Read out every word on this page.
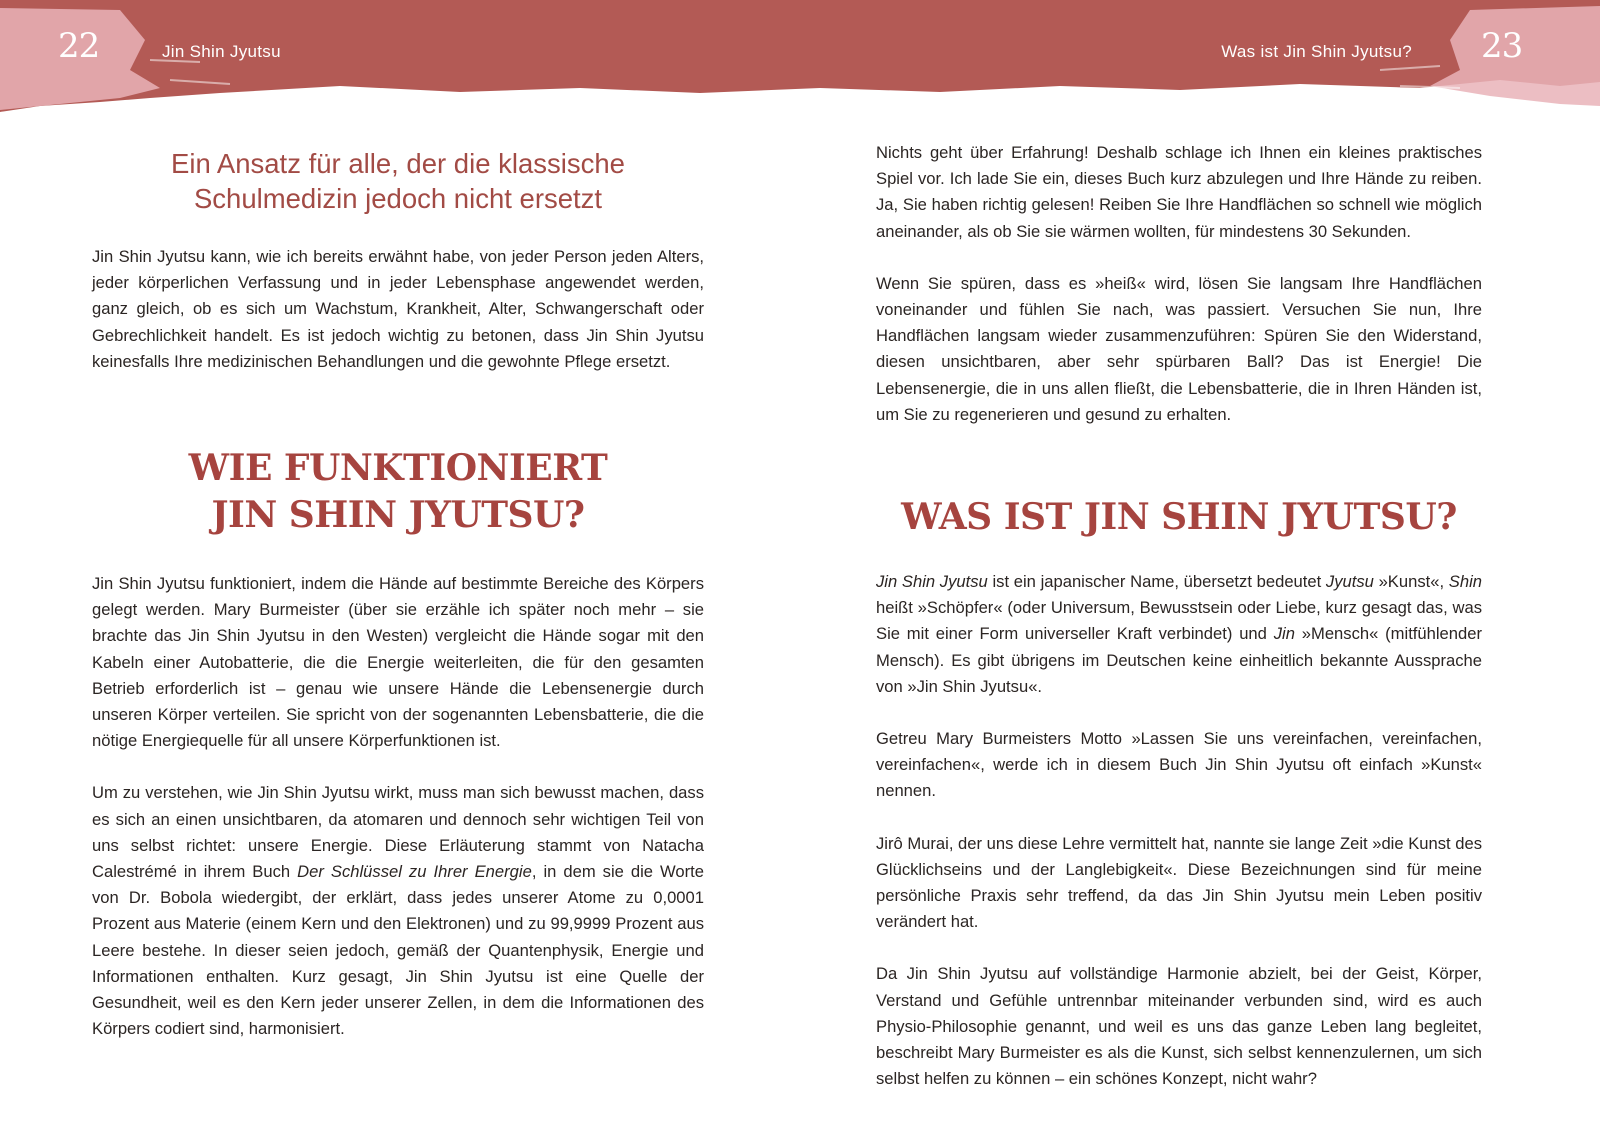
22	Jin Shin Jyutsu	Was ist Jin Shin Jyutsu? 23
Ein Ansatz für alle, der die klassische
Schulmedizin jedoch nicht ersetzt

Jin Shin Jyutsu kann, wie ich bereits erwähnt habe, von jeder Person jeden Alters, jeder körperlichen Verfassung und in jeder Lebensphase angewendet werden, ganz gleich, ob es sich um Wachstum, Krankheit, Alter, Schwangerschaft oder Gebrechlichkeit handelt. Es ist jedoch wichtig zu betonen, dass Jin Shin Jyutsu keinesfalls Ihre medizinischen Behandlungen und die gewohnte Pflege ersetzt.

WIE FUNKTIONIERT
JIN SHIN JYUTSU?

Jin Shin Jyutsu funktioniert, indem die Hände auf bestimmte Bereiche des Körpers gelegt werden. Mary Burmeister (über sie erzähle ich später noch mehr – sie brachte das Jin Shin Jyutsu in den Westen) vergleicht die Hände sogar mit den Kabeln einer Autobatterie, die die Energie weiterleiten, die für den gesamten Betrieb erforderlich ist – genau wie unsere Hände die Lebensenergie durch unseren Körper verteilen. Sie spricht von der sogenannten Lebensbatterie, die die nötige Energiequelle für all unsere Körperfunktionen ist.

Um zu verstehen, wie Jin Shin Jyutsu wirkt, muss man sich bewusst machen, dass es sich an einen unsichtbaren, da atomaren und dennoch sehr wichtigen Teil von uns selbst richtet: unsere Energie. Diese Erläuterung stammt von Natacha Calestrémé in ihrem Buch Der Schlüssel zu Ihrer Energie, in dem sie die Worte von Dr. Bobola wiedergibt, der erklärt, dass jedes unserer Atome zu 0,0001 Prozent aus Materie (einem Kern und den Elektronen) und zu 99,9999 Prozent aus Leere bestehe. In dieser seien jedoch, gemäß der Quantenphysik, Energie und Informationen enthalten. Kurz gesagt, Jin Shin Jyutsu ist eine Quelle der Gesundheit, weil es den Kern jeder unserer Zellen, in dem die Informationen des Körpers codiert sind, harmonisiert.

Nichts geht über Erfahrung! Deshalb schlage ich Ihnen ein kleines praktisches Spiel vor. Ich lade Sie ein, dieses Buch kurz abzulegen und Ihre Hände zu reiben. Ja, Sie haben richtig gelesen! Reiben Sie Ihre Handflächen so schnell wie möglich aneinander, als ob Sie sie wärmen wollten, für mindestens 30 Sekunden.

Wenn Sie spüren, dass es »heiß« wird, lösen Sie langsam Ihre Handflächen voneinander und fühlen Sie nach, was passiert. Versuchen Sie nun, Ihre Handflächen langsam wieder zusammenzuführen: Spüren Sie den Widerstand, diesen unsichtbaren, aber sehr spürbaren Ball? Das ist Energie! Die Lebensenergie, die in uns allen fließt, die Lebensbatterie, die in Ihren Händen ist, um Sie zu regenerieren und gesund zu erhalten.

WAS IST JIN SHIN JYUTSU?

Jin Shin Jyutsu ist ein japanischer Name, übersetzt bedeutet Jyutsu »Kunst«, Shin heißt »Schöpfer« (oder Universum, Bewusstsein oder Liebe, kurz gesagt das, was Sie mit einer Form universeller Kraft verbindet) und Jin »Mensch« (mitfühlender Mensch). Es gibt übrigens im Deutschen keine einheitlich bekannte Aussprache von »Jin Shin Jyutsu«.

Getreu Mary Burmeisters Motto »Lassen Sie uns vereinfachen, vereinfachen, vereinfachen«, werde ich in diesem Buch Jin Shin Jyutsu oft einfach »Kunst« nennen.

Jirô Murai, der uns diese Lehre vermittelt hat, nannte sie lange Zeit »die Kunst des Glücklichseins und der Langlebigkeit«. Diese Bezeichnungen sind für meine persönliche Praxis sehr treffend, da das Jin Shin Jyutsu mein Leben positiv verändert hat.

Da Jin Shin Jyutsu auf vollständige Harmonie abzielt, bei der Geist, Körper, Verstand und Gefühle untrennbar miteinander verbunden sind, wird es auch Physio-Philosophie genannt, und weil es uns das ganze Leben lang begleitet, beschreibt Mary Burmeister es als die Kunst, sich selbst kennenzulernen, um sich selbst helfen zu können – ein schönes Konzept, nicht wahr?
